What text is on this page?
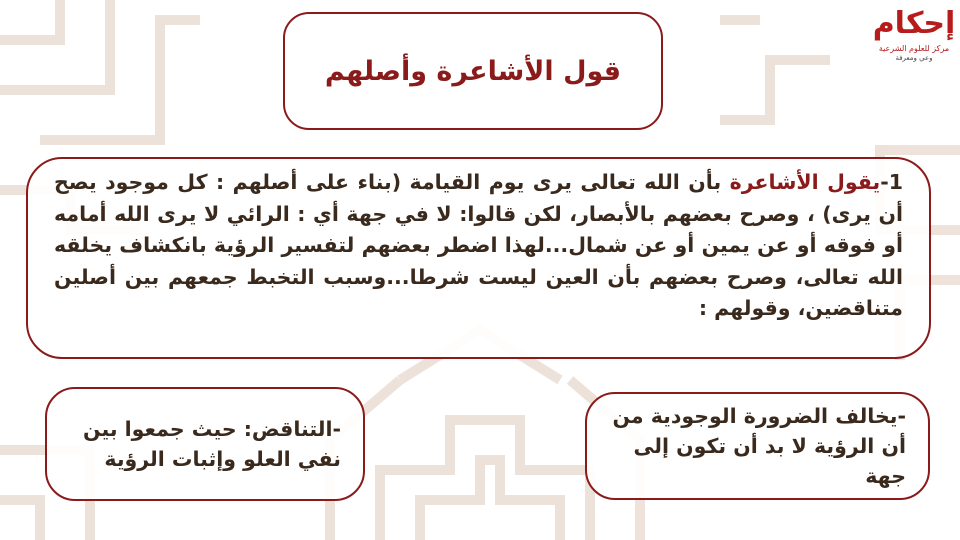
إحكام
مركز للعلوم الشرعية
وعي ومعرفة
قول الأشاعرة وأصلهم

1-يقول الأشاعرة بأن الله تعالى يرى يوم القيامة (بناء على أصلهم : كل موجود يصح أن يرى) ، وصرح بعضهم بالأبصار، لكن قالوا: لا في جهة أي : الرائي لا يرى الله أمامه أو فوقه أو عن يمين أو عن شمال...لهذا اضطر بعضهم لتفسير الرؤية بانكشاف يخلقه الله تعالى، وصرح بعضهم بأن العين ليست شرطا...وسبب التخبط جمعهم بين أصلين متناقضين، وقولهم :

-يخالف الضرورة الوجودية من أن الرؤية لا بد أن تكون إلى جهة
-التناقض: حيث جمعوا بين نفي العلو وإثبات الرؤية
